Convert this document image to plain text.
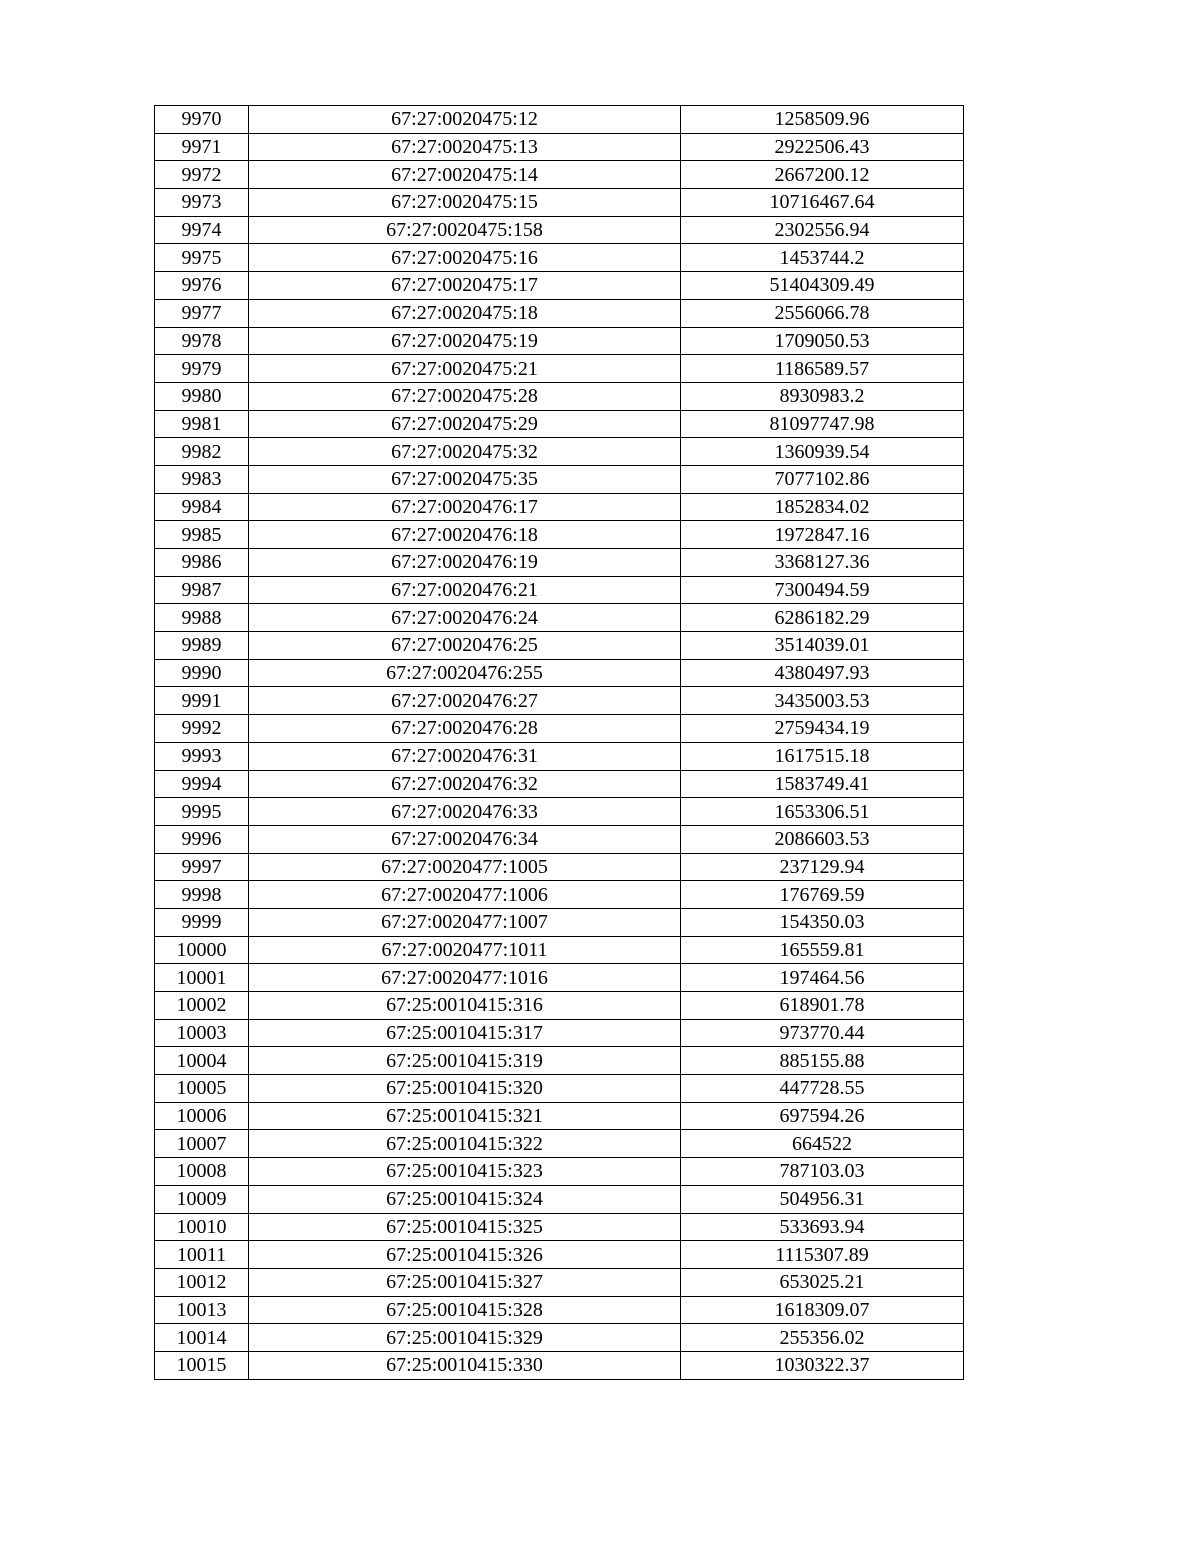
9970	67:27:0020475:12	1258509.96
9971	67:27:0020475:13	2922506.43
9972	67:27:0020475:14	2667200.12
9973	67:27:0020475:15	10716467.64
9974	67:27:0020475:158	2302556.94
9975	67:27:0020475:16	1453744.2
9976	67:27:0020475:17	51404309.49
9977	67:27:0020475:18	2556066.78
9978	67:27:0020475:19	1709050.53
9979	67:27:0020475:21	1186589.57
9980	67:27:0020475:28	8930983.2
9981	67:27:0020475:29	81097747.98
9982	67:27:0020475:32	1360939.54
9983	67:27:0020475:35	7077102.86
9984	67:27:0020476:17	1852834.02
9985	67:27:0020476:18	1972847.16
9986	67:27:0020476:19	3368127.36
9987	67:27:0020476:21	7300494.59
9988	67:27:0020476:24	6286182.29
9989	67:27:0020476:25	3514039.01
9990	67:27:0020476:255	4380497.93
9991	67:27:0020476:27	3435003.53
9992	67:27:0020476:28	2759434.19
9993	67:27:0020476:31	1617515.18
9994	67:27:0020476:32	1583749.41
9995	67:27:0020476:33	1653306.51
9996	67:27:0020476:34	2086603.53
9997	67:27:0020477:1005	237129.94
9998	67:27:0020477:1006	176769.59
9999	67:27:0020477:1007	154350.03
10000	67:27:0020477:1011	165559.81
10001	67:27:0020477:1016	197464.56
10002	67:25:0010415:316	618901.78
10003	67:25:0010415:317	973770.44
10004	67:25:0010415:319	885155.88
10005	67:25:0010415:320	447728.55
10006	67:25:0010415:321	697594.26
10007	67:25:0010415:322	664522
10008	67:25:0010415:323	787103.03
10009	67:25:0010415:324	504956.31
10010	67:25:0010415:325	533693.94
10011	67:25:0010415:326	1115307.89
10012	67:25:0010415:327	653025.21
10013	67:25:0010415:328	1618309.07
10014	67:25:0010415:329	255356.02
10015	67:25:0010415:330	1030322.37
